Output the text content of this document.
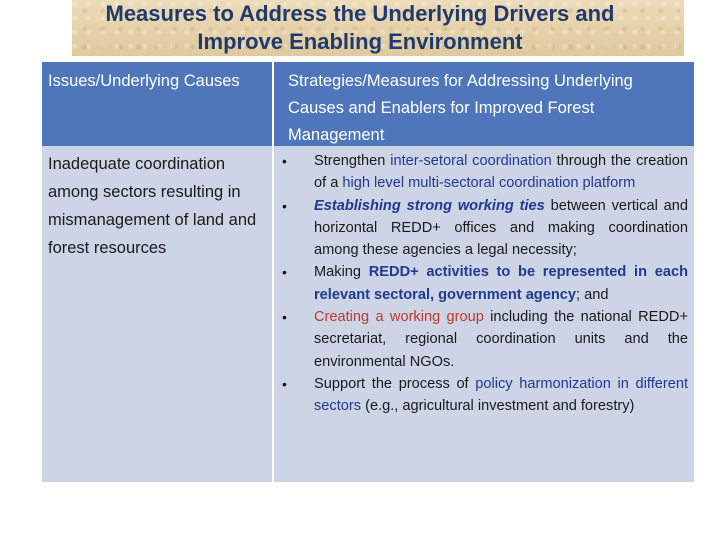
Measures to Address the Underlying Drivers and
Improve Enabling Environment
Issues/Underlying Causes	Strategies/Measures for Addressing Underlying Causes and Enablers for Improved Forest Management
Inadequate coordination among sectors resulting in mismanagement of land and forest resources
• Strengthen inter-setoral coordination through the creation of a high level multi-sectoral coordination platform
• Establishing strong working ties between vertical and horizontal REDD+ offices and making coordination among these agencies a legal necessity;
• Making REDD+ activities to be represented in each relevant sectoral, government agency; and
• Creating a working group including the national REDD+ secretariat, regional coordination units and the environmental NGOs.
• Support the process of policy harmonization in different sectors (e.g., agricultural investment and forestry)
